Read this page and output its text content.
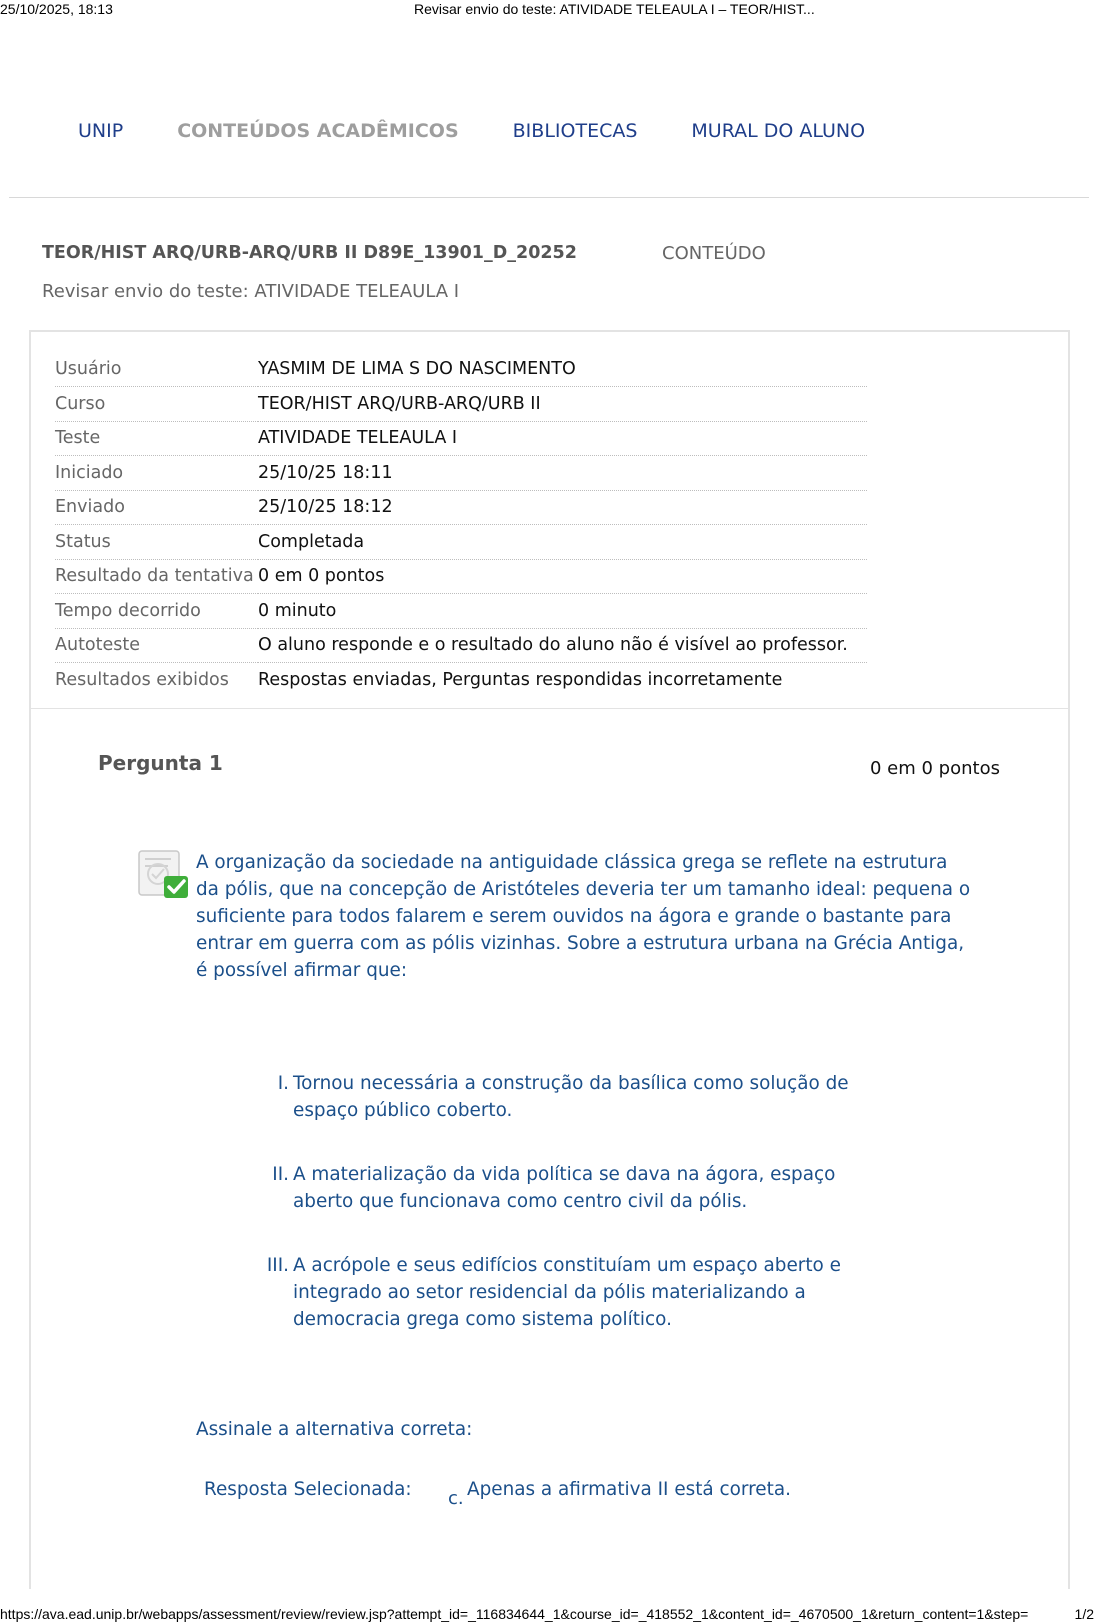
25/10/2025, 18:13	Revisar envio do teste: ATIVIDADE TELEAULA I – TEOR/HIST...
UNIP	CONTEÚDOS ACADÊMICOS	BIBLIOTECAS	MURAL DO ALUNO
TEOR/HIST ARQ/URB-ARQ/URB II D89E_13901_D_20252	CONTEÚDO
Revisar envio do teste: ATIVIDADE TELEAULA I
Usuário	YASMIM DE LIMA S DO NASCIMENTO
Curso	TEOR/HIST ARQ/URB-ARQ/URB II
Teste	ATIVIDADE TELEAULA I
Iniciado	25/10/25 18:11
Enviado	25/10/25 18:12
Status	Completada
Resultado da tentativa	0 em 0 pontos
Tempo decorrido	0 minuto
Autoteste	O aluno responde e o resultado do aluno não é visível ao professor.
Resultados exibidos	Respostas enviadas, Perguntas respondidas incorretamente
Pergunta 1	0 em 0 pontos
A organização da sociedade na antiguidade clássica grega se reflete na estrutura da pólis, que na concepção de Aristóteles deveria ter um tamanho ideal: pequena o suficiente para todos falarem e serem ouvidos na ágora e grande o bastante para entrar em guerra com as pólis vizinhas. Sobre a estrutura urbana na Grécia Antiga, é possível afirmar que:
I. Tornou necessária a construção da basílica como solução de espaço público coberto.
II. A materialização da vida política se dava na ágora, espaço aberto que funcionava como centro civil da pólis.
III. A acrópole e seus edifícios constituíam um espaço aberto e integrado ao setor residencial da pólis materializando a democracia grega como sistema político.
Assinale a alternativa correta:
Resposta Selecionada: c. Apenas a afirmativa II está correta.
https://ava.ead.unip.br/webapps/assessment/review/review.jsp?attempt_id=_116834644_1&course_id=_418552_1&content_id=_4670500_1&return_content=1&step=	1/2
